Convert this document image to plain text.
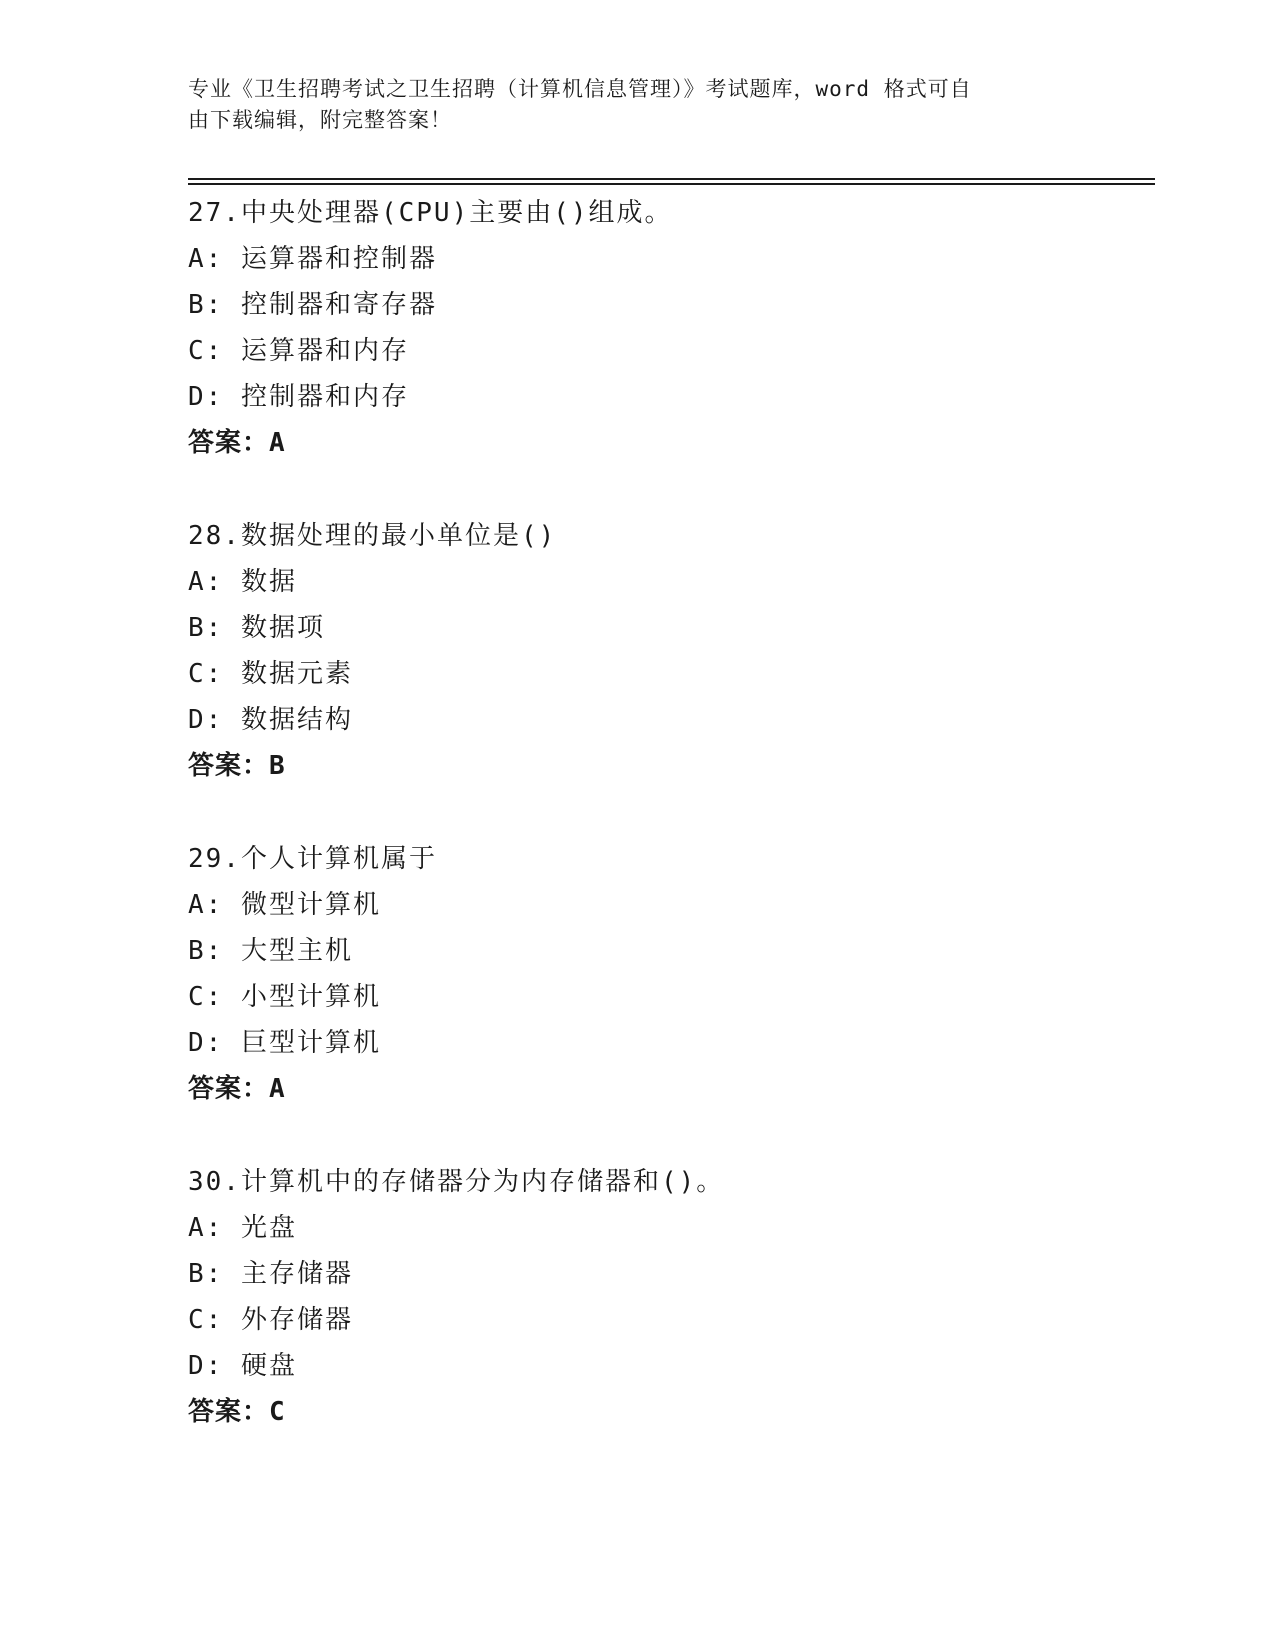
专业《卫生招聘考试之卫生招聘（计算机信息管理）》考试题库，word 格式可自
由下载编辑，附完整答案！
27.中央处理器(CPU)主要由()组成。
A: 运算器和控制器
B: 控制器和寄存器
C: 运算器和内存
D: 控制器和内存
答案：A
28.数据处理的最小单位是()
A: 数据
B: 数据项
C: 数据元素
D: 数据结构
答案：B
29.个人计算机属于
A: 微型计算机
B: 大型主机
C: 小型计算机
D: 巨型计算机
答案：A
30.计算机中的存储器分为内存储器和()。
A: 光盘
B: 主存储器
C: 外存储器
D: 硬盘
答案：C
